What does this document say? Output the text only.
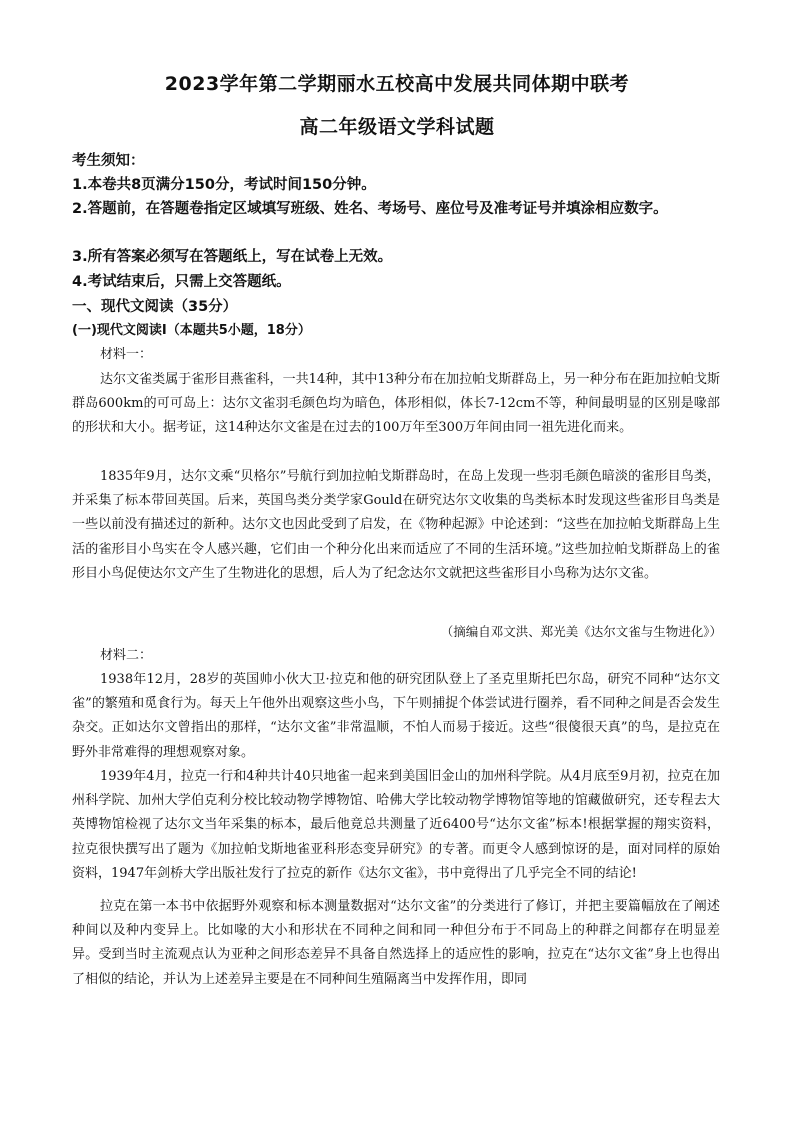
2023学年第二学期丽水五校高中发展共同体期中联考
高二年级语文学科试题
考生须知：
1.本卷共8页满分150分，考试时间150分钟。
2.答题前，在答题卷指定区域填写班级、姓名、考场号、座位号及准考证号并填涂相应数字。
3.所有答案必须写在答题纸上，写在试卷上无效。
4.考试结束后，只需上交答题纸。
一、现代文阅读（35分）
(一)现代文阅读Ⅰ（本题共5小题，18分）
材料一：
达尔文雀类属于雀形目燕雀科，一共14种，其中13种分布在加拉帕戈斯群岛上，另一种分布在距加拉帕戈斯群岛600km的可可岛上：达尔文雀羽毛颜色均为暗色，体形相似，体长7-12cm不等，种间最明显的区别是喙部的形状和大小。据考证，这14种达尔文雀是在过去的100万年至300万年间由同一祖先进化而来。
1835年9月，达尔文乘“贝格尔”号航行到加拉帕戈斯群岛时，在岛上发现一些羽毛颜色暗淡的雀形目鸟类，并采集了标本带回英国。后来，英国鸟类分类学家Gould在研究达尔文收集的鸟类标本时发现这些雀形目鸟类是一些以前没有描述过的新种。达尔文也因此受到了启发，在《物种起源》中论述到：“这些在加拉帕戈斯群岛上生活的雀形目小鸟实在令人感兴趣，它们由一个种分化出来而适应了不同的生活环境。”这些加拉帕戈斯群岛上的雀形目小鸟促使达尔文产生了生物进化的思想，后人为了纪念达尔文就把这些雀形目小鸟称为达尔文雀。
（摘编自邓文洪、郑光美《达尔文雀与生物进化》）
材料二：
1938年12月，28岁的英国帅小伙大卫·拉克和他的研究团队登上了圣克里斯托巴尔岛，研究不同种“达尔文雀”的繁殖和觅食行为。每天上午他外出观察这些小鸟，下午则捕捉个体尝试进行圈养，看不同种之间是否会发生杂交。正如达尔文曾指出的那样，“达尔文雀”非常温顺，不怕人而易于接近。这些“很傻很天真”的鸟，是拉克在野外非常难得的理想观察对象。
1939年4月，拉克一行和4种共计40只地雀一起来到美国旧金山的加州科学院。从4月底至9月初，拉克在加州科学院、加州大学伯克利分校比较动物学博物馆、哈佛大学比较动物学博物馆等地的馆藏做研究，还专程去大英博物馆检视了达尔文当年采集的标本，最后他竟总共测量了近6400号“达尔文雀”标本!根据掌握的翔实资料，拉克很快撰写出了题为《加拉帕戈斯地雀亚科形态变异研究》的专著。而更令人感到惊讶的是，面对同样的原始资料，1947年剑桥大学出版社发行了拉克的新作《达尔文雀》，书中竟得出了几乎完全不同的结论!
拉克在第一本书中依据野外观察和标本测量数据对“达尔文雀”的分类进行了修订，并把主要篇幅放在了阐述种间以及种内变异上。比如喙的大小和形状在不同种之间和同一种但分布于不同岛上的种群之间都存在明显差异。受到当时主流观点认为亚种之间形态差异不具备自然选择上的适应性的影响，拉克在“达尔文雀”身上也得出了相似的结论，并认为上述差异主要是在不同种间生殖隔离当中发挥作用，即同
